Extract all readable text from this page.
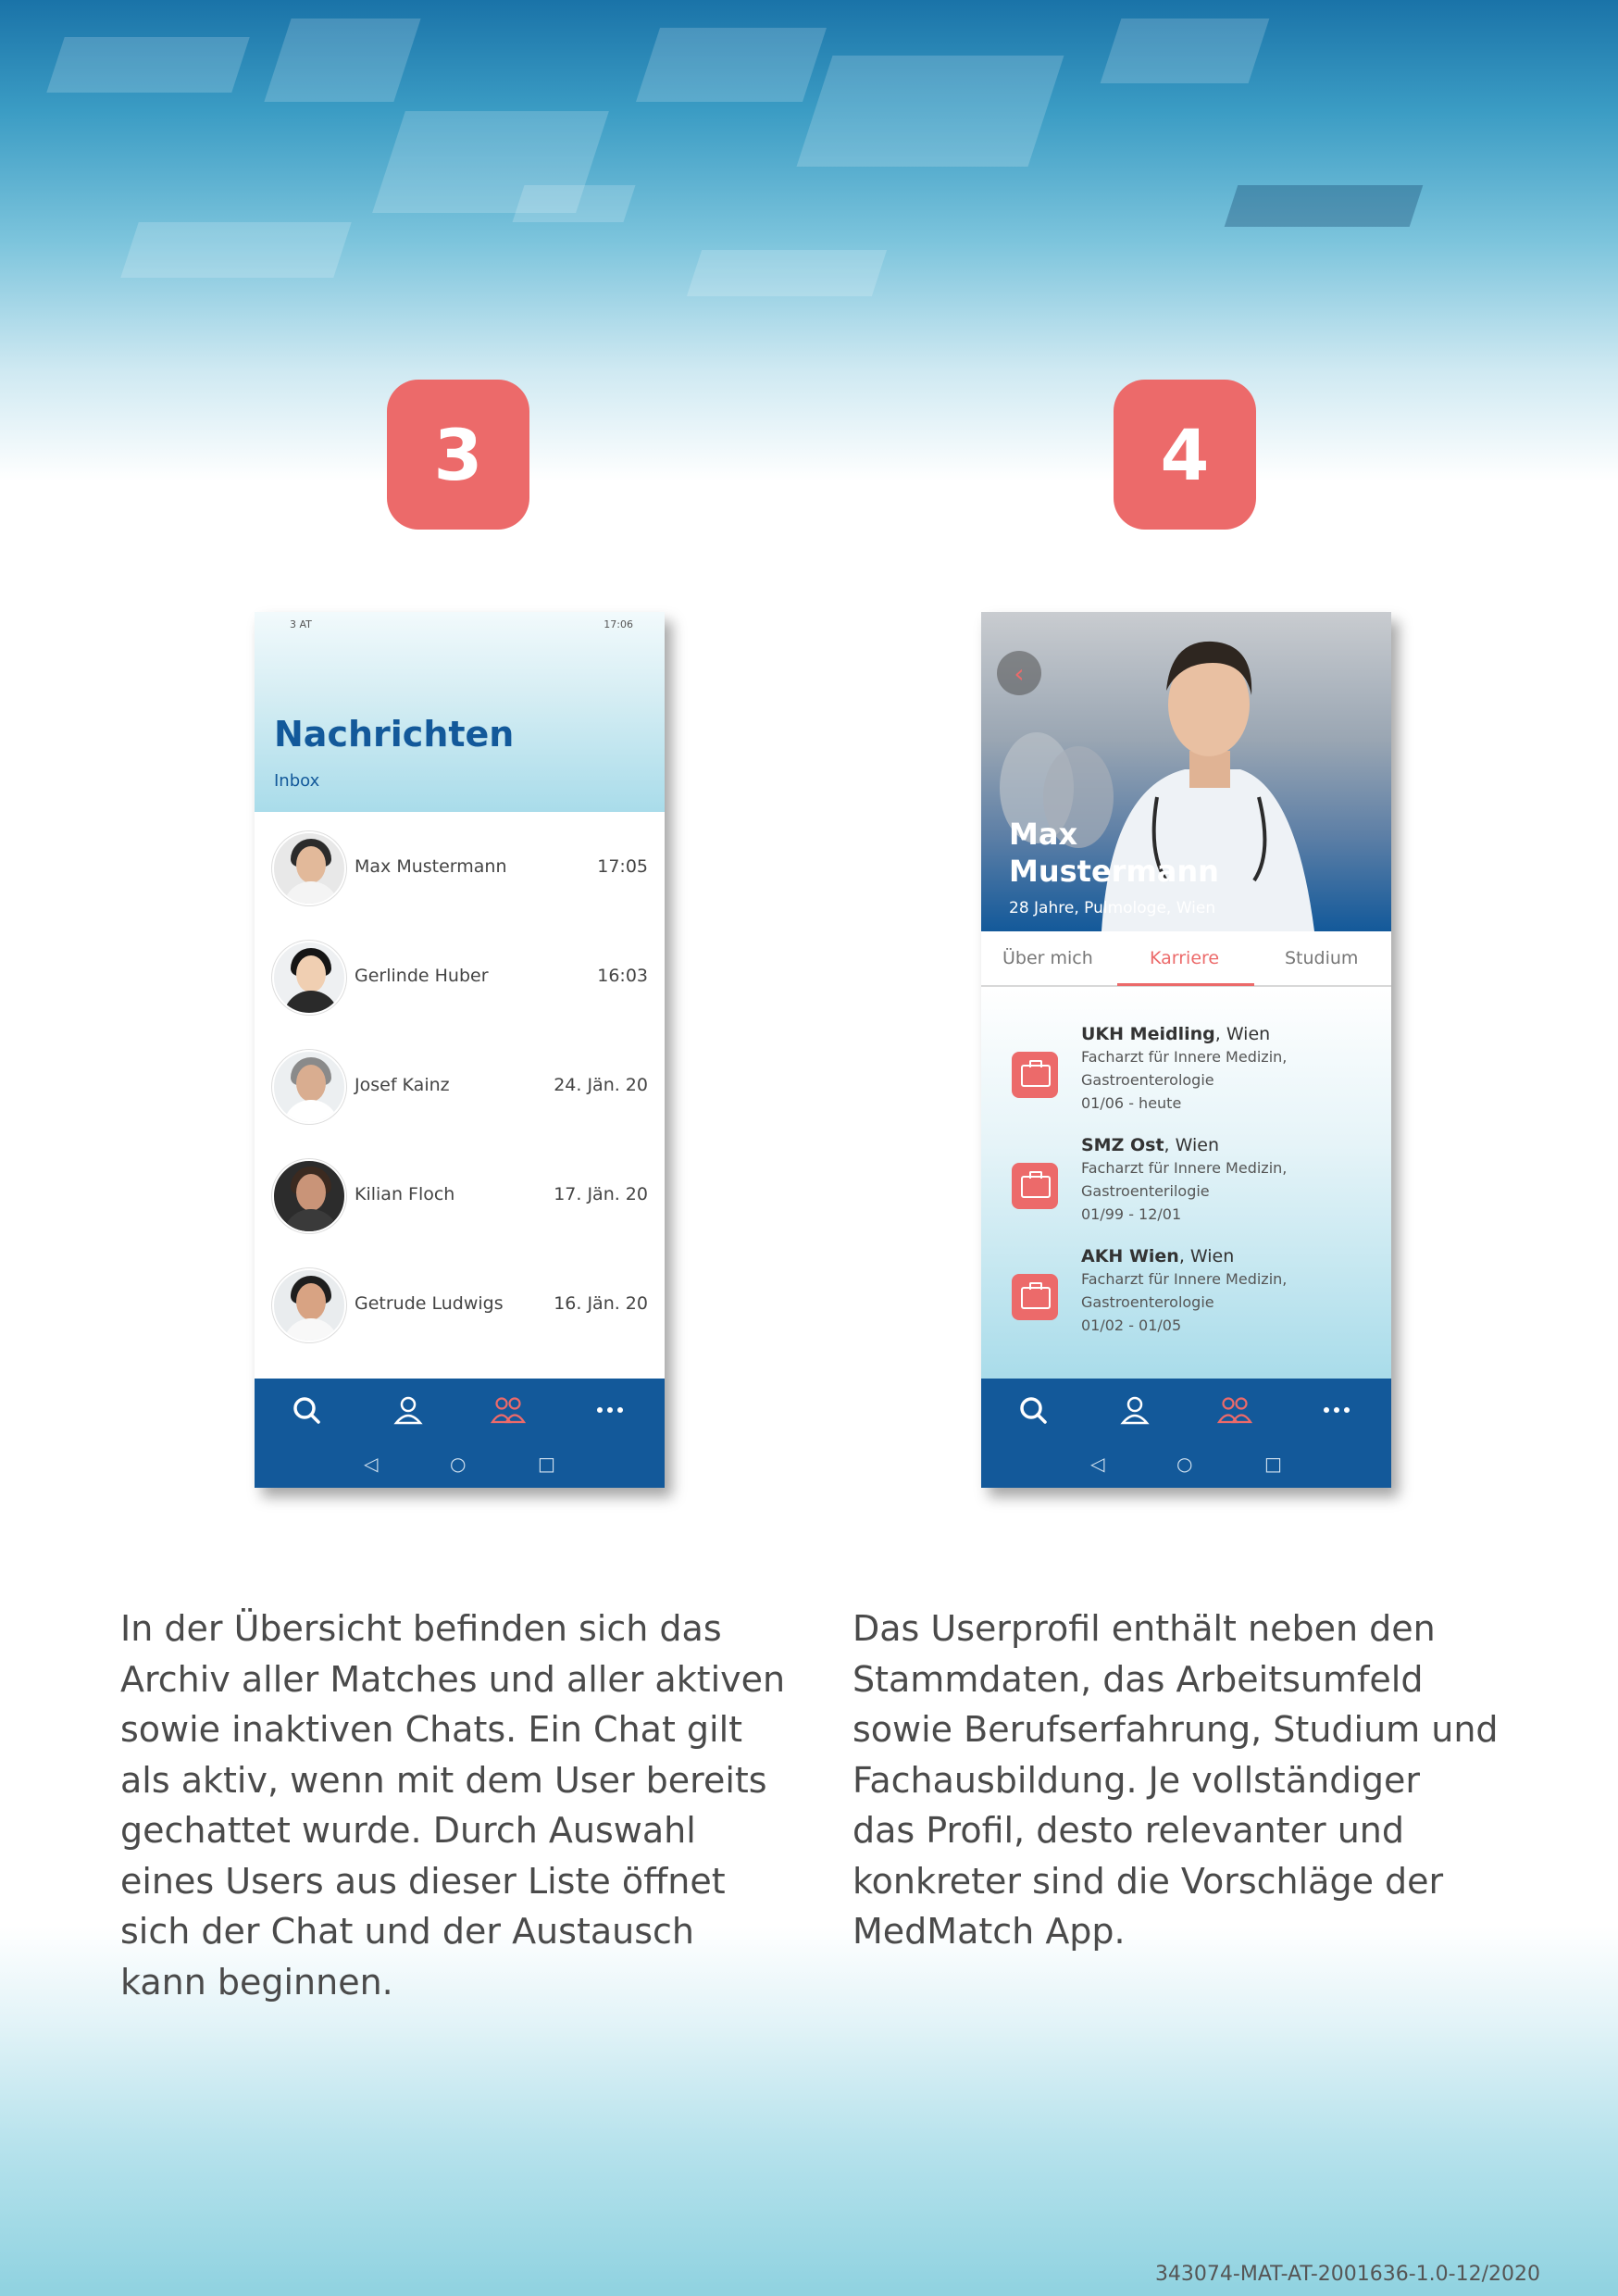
3	4
3 AT	17:06
Nachrichten
Inbox
Max Mustermann	17:05
Gerlinde Huber	16:03
Josef Kainz	24. Jän. 20
Kilian Floch	17. Jän. 20
Getrude Ludwigs	16. Jän. 20
◁	○	□
‹
Max Mustermann
28 Jahre, Pulmologe, Wien
Über mich	Karriere	Studium
UKH Meidling, Wien
Facharzt für Innere Medizin,
Gastroenterologie
01/06 - heute
SMZ Ost, Wien
Facharzt für Innere Medizin,
Gastroenterilogie
01/99 - 12/01
AKH Wien, Wien
Facharzt für Innere Medizin,
Gastroenterologie
01/02 - 01/05
◁	○	□
In der Übersicht befinden sich das
Archiv aller Matches und aller aktiven
sowie inaktiven Chats. Ein Chat gilt
als aktiv, wenn mit dem User bereits
gechattet wurde. Durch Auswahl
eines Users aus dieser Liste öffnet
sich der Chat und der Austausch
kann beginnen.
Das Userprofil enthält neben den
Stammdaten, das Arbeitsumfeld
sowie Berufserfahrung, Studium und
Fachausbildung. Je vollständiger
das Profil, desto relevanter und
konkreter sind die Vorschläge der
MedMatch App.
343074-MAT-AT-2001636-1.0-12/2020
